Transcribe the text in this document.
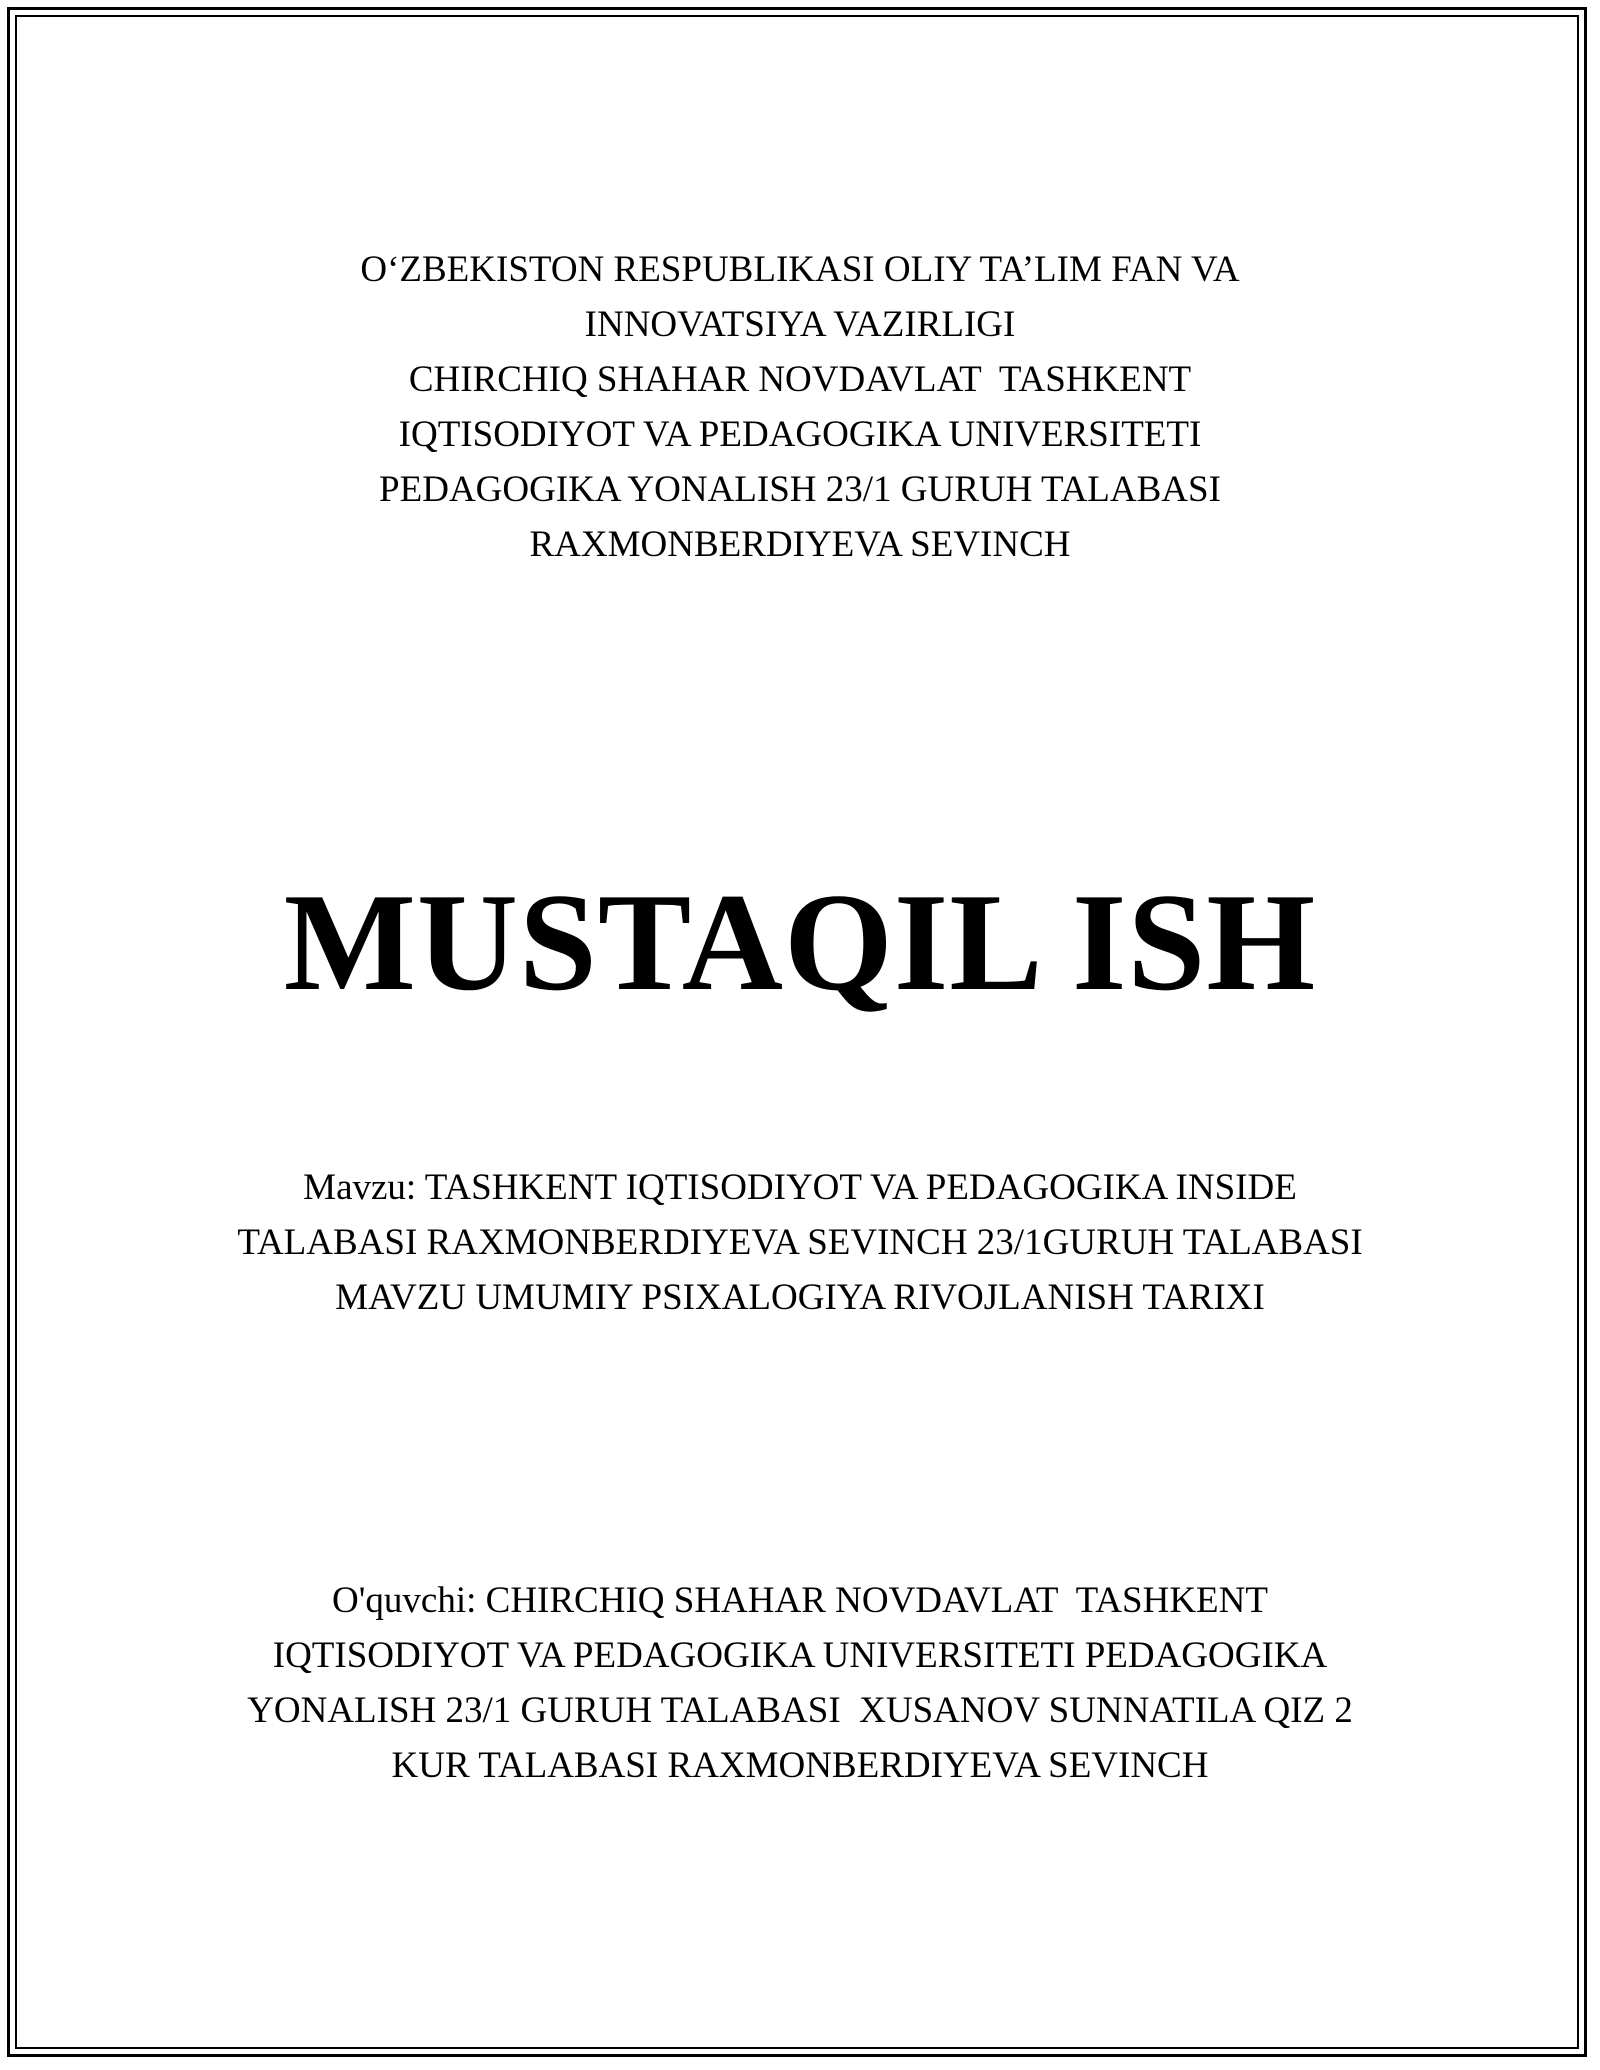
O‘ZBEKISTON RESPUBLIKASI OLIY TA’LIM FAN VA
INNOVATSIYA VAZIRLIGI
CHIRCHIQ SHAHAR NOVDAVLAT  TASHKENT
IQTISODIYOT VA PEDAGOGIKA UNIVERSITETI
PEDAGOGIKA YONALISH 23/1 GURUH TALABASI
RAXMONBERDIYEVA SEVINCH
MUSTAQIL ISH
Mavzu: TASHKENT IQTISODIYOT VA PEDAGOGIKA INSIDE
TALABASI RAXMONBERDIYEVA SEVINCH 23/1GURUH TALABASI
MAVZU UMUMIY PSIXALOGIYA RIVOJLANISH TARIXI
O'quvchi: CHIRCHIQ SHAHAR NOVDAVLAT  TASHKENT
IQTISODIYOT VA PEDAGOGIKA UNIVERSITETI PEDAGOGIKA
YONALISH 23/1 GURUH TALABASI  XUSANOV SUNNATILA QIZ 2
KUR TALABASI RAXMONBERDIYEVA SEVINCH
